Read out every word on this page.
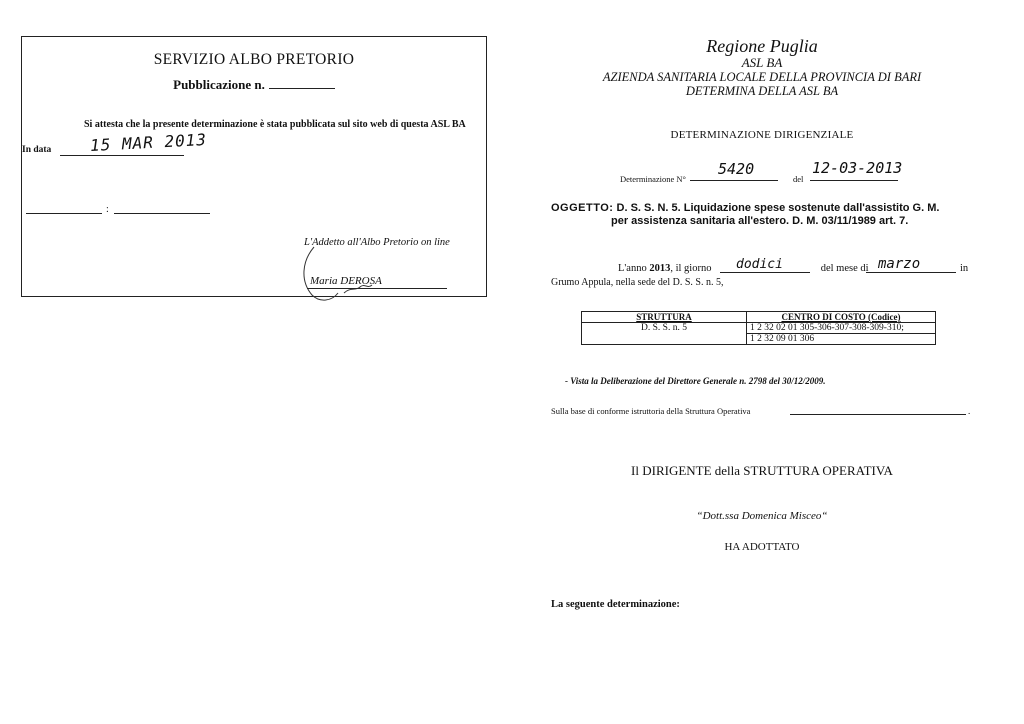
SERVIZIO ALBO PRETORIO
Pubblicazione n.
Si attesta che la presente determinazione è stata pubblicata sul sito web di questa ASL BA
In data 15 MAR 2013
:
L'Addetto all'Albo Pretorio on line
Maria DEROSA
Regione Puglia
ASL BA
AZIENDA SANITARIA LOCALE DELLA PROVINCIA DI BARI
DETERMINA DELLA ASL BA
DETERMINAZIONE DIRIGENZIALE
Determinazione N°
5420
del
12-03-2013
OGGETTO: D. S. S. N. 5. Liquidazione spese sostenute dall'assistito G. M.
per assistenza sanitaria all'estero. D. M. 03/11/1989 art. 7.
L'anno 2013, il giorno	del mese di
dodici	marzo	in
Grumo Appula, nella sede del D. S. S. n. 5,
STRUTTURA	CENTRO DI COSTO (Codice)
D. S. S. n. 5	1 2 32 02 01 305-306-307-308-309-310;
	1 2 32 09 01 306
- Vista la Deliberazione del Direttore Generale n. 2798 del 30/12/2009.
Sulla base di conforme istruttoria della Struttura Operativa	.
Il DIRIGENTE della STRUTTURA OPERATIVA
“Dott.ssa Domenica Misceo“
HA ADOTTATO
La seguente determinazione:
